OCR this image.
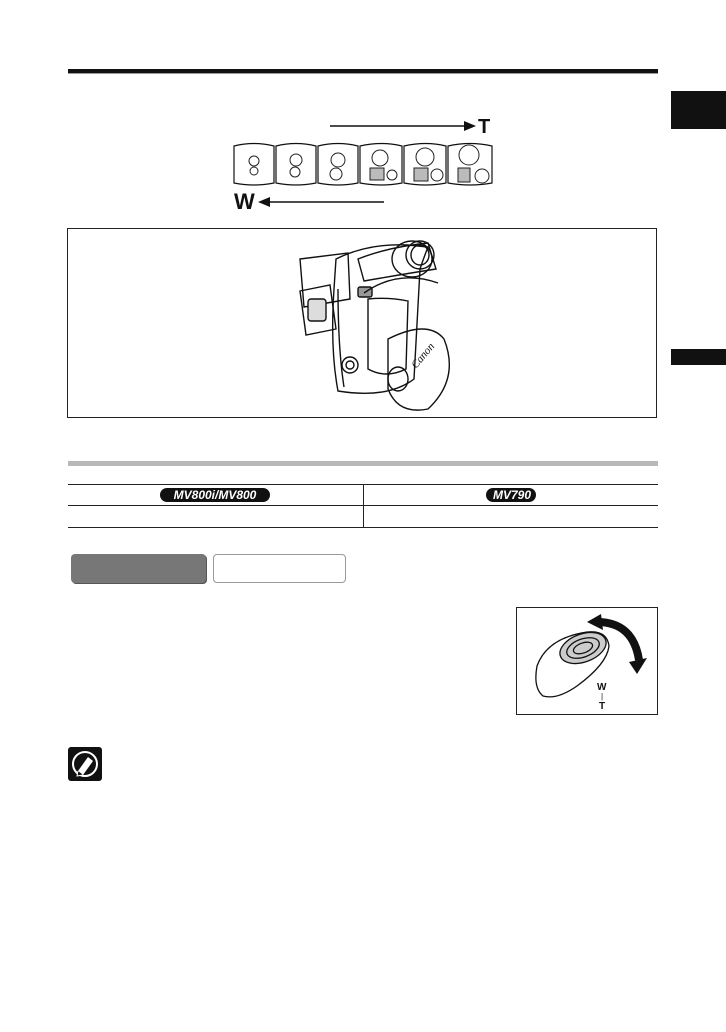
T
W
Canon
MV800i/MV800	MV790
W
|
T
